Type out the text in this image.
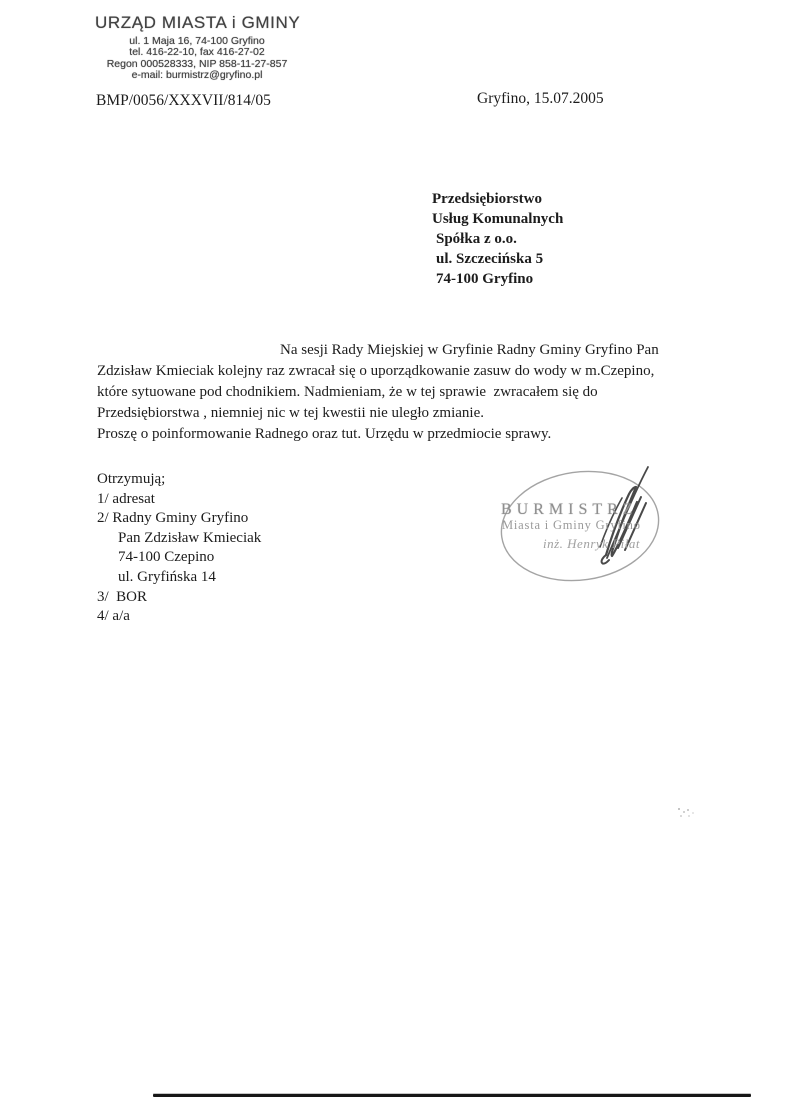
URZĄD MIASTA i GMINY
ul. 1 Maja 16, 74-100 Gryfino
tel. 416-22-10, fax 416-27-02
Regon 000528333, NIP 858-11-27-857
e-mail: burmistrz@gryfino.pl
BMP/0056/XXXVII/814/05	Gryfino, 15.07.2005
Przedsiębiorstwo
Usług Komunalnych
Spółka z o.o.
ul. Szczecińska 5
74-100 Gryfino
Na sesji Rady Miejskiej w Gryfinie Radny Gminy Gryfino Pan
Zdzisław Kmieciak kolejny raz zwracał się o uporządkowanie zasuw do wody w m.Czepino,
które sytuowane pod chodnikiem. Nadmieniam, że w tej sprawie  zwracałem się do
Przedsiębiorstwa , niemniej nic w tej kwestii nie uległo zmianie.
Proszę o poinformowanie Radnego oraz tut. Urzędu w przedmiocie sprawy.
Otrzymują;
1/ adresat
2/ Radny Gminy Gryfino
Pan Zdzisław Kmieciak
74-100 Czepino
ul. Gryfińska 14
3/  BOR
4/ a/a
BURMISTRZ
Miasta i Gminy Gryfino
inż. Henryk Piłat
